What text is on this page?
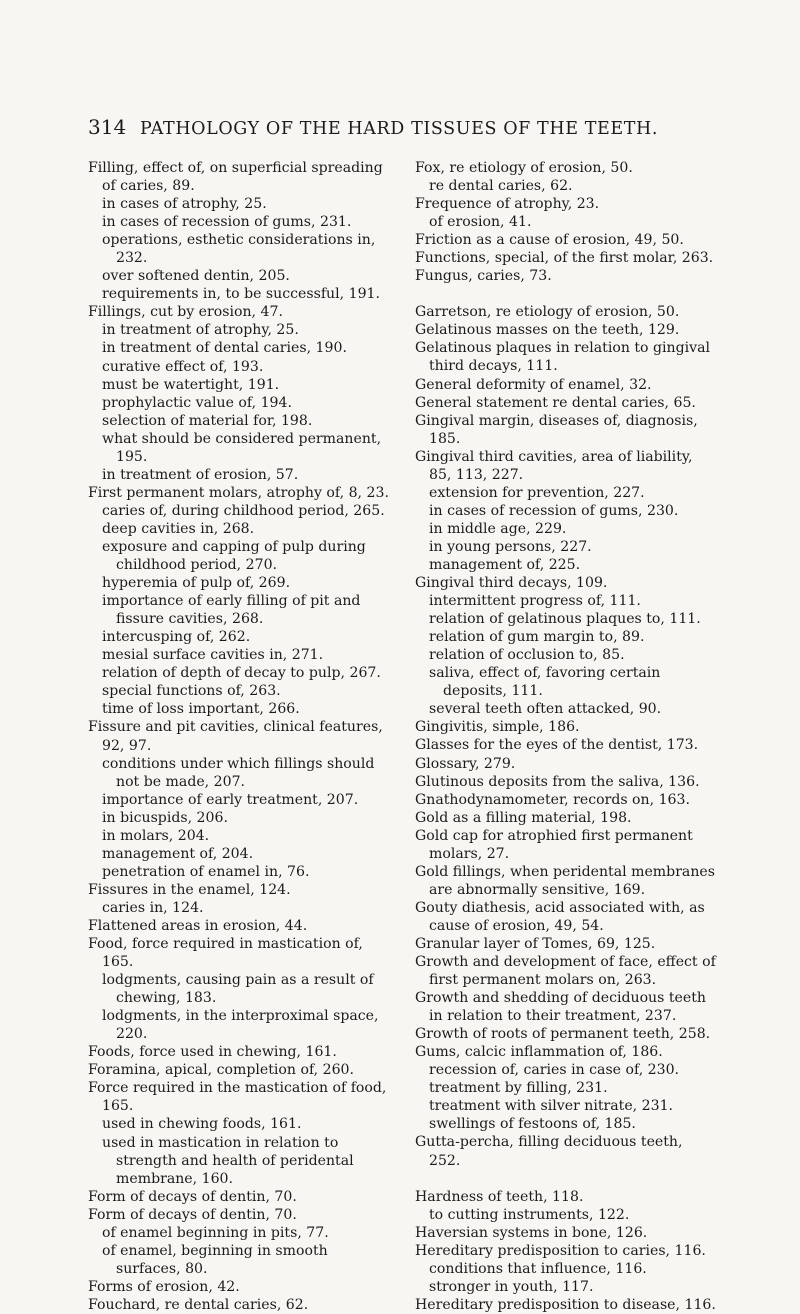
314 PATHOLOGY OF THE HARD TISSUES OF THE TEETH.
Filling, effect of, on superficial spreading of caries, 89.
in cases of atrophy, 25.
in cases of recession of gums, 231.
operations, esthetic considerations in, 232.
over softened dentin, 205.
requirements in, to be successful, 191.
Fillings, cut by erosion, 47.
in treatment of atrophy, 25.
in treatment of dental caries, 190.
curative effect of, 193.
must be watertight, 191.
prophylactic value of, 194.
selection of material for, 198.
what should be considered permanent, 195.
in treatment of erosion, 57.
First permanent molars, atrophy of, 8, 23.
caries of, during childhood period, 265.
deep cavities in, 268.
exposure and capping of pulp during childhood period, 270.
hyperemia of pulp of, 269.
importance of early filling of pit and fissure cavities, 268.
intercusping of, 262.
mesial surface cavities in, 271.
relation of depth of decay to pulp, 267.
special functions of, 263.
time of loss important, 266.
Fissure and pit cavities, clinical features, 92, 97.
conditions under which fillings should not be made, 207.
importance of early treatment, 207.
in bicuspids, 206.
in molars, 204.
management of, 204.
penetration of enamel in, 76.
Fissures in the enamel, 124.
caries in, 124.
Flattened areas in erosion, 44.
Food, force required in mastication of, 165.
lodgments, causing pain as a result of chewing, 183.
lodgments, in the interproximal space, 220.
Foods, force used in chewing, 161.
Foramina, apical, completion of, 260.
Force required in the mastication of food, 165.
used in chewing foods, 161.
used in mastication in relation to strength and health of peridental membrane, 160.
Form of decays of dentin, 70.
Form of decays of dentin, 70.
of enamel beginning in pits, 77.
of enamel, beginning in smooth surfaces, 80.
Forms of erosion, 42.
Fouchard, re dental caries, 62.
Fox, re etiology of erosion, 50.
re dental caries, 62.
Frequence of atrophy, 23.
of erosion, 41.
Friction as a cause of erosion, 49, 50.
Functions, special, of the first molar, 263.
Fungus, caries, 73.
Garretson, re etiology of erosion, 50.
Gelatinous masses on the teeth, 129.
Gelatinous plaques in relation to gingival third decays, 111.
General deformity of enamel, 32.
General statement re dental caries, 65.
Gingival margin, diseases of, diagnosis, 185.
Gingival third cavities, area of liability, 85, 113, 227.
extension for prevention, 227.
in cases of recession of gums, 230.
in middle age, 229.
in young persons, 227.
management of, 225.
Gingival third decays, 109.
intermittent progress of, 111.
relation of gelatinous plaques to, 111.
relation of gum margin to, 89.
relation of occlusion to, 85.
saliva, effect of, favoring certain deposits, 111.
several teeth often attacked, 90.
Gingivitis, simple, 186.
Glasses for the eyes of the dentist, 173.
Glossary, 279.
Glutinous deposits from the saliva, 136.
Gnathodynamometer, records on, 163.
Gold as a filling material, 198.
Gold cap for atrophied first permanent molars, 27.
Gold fillings, when peridental membranes are abnormally sensitive, 169.
Gouty diathesis, acid associated with, as cause of erosion, 49, 54.
Granular layer of Tomes, 69, 125.
Growth and development of face, effect of first permanent molars on, 263.
Growth and shedding of deciduous teeth in relation to their treatment, 237.
Growth of roots of permanent teeth, 258.
Gums, calcic inflammation of, 186.
recession of, caries in case of, 230.
treatment by filling, 231.
treatment with silver nitrate, 231.
swellings of festoons of, 185.
Gutta-percha, filling deciduous teeth, 252.
Hardness of teeth, 118.
to cutting instruments, 122.
Haversian systems in bone, 126.
Hereditary predisposition to caries, 116.
conditions that influence, 116.
stronger in youth, 117.
Hereditary predisposition to disease, 116.
